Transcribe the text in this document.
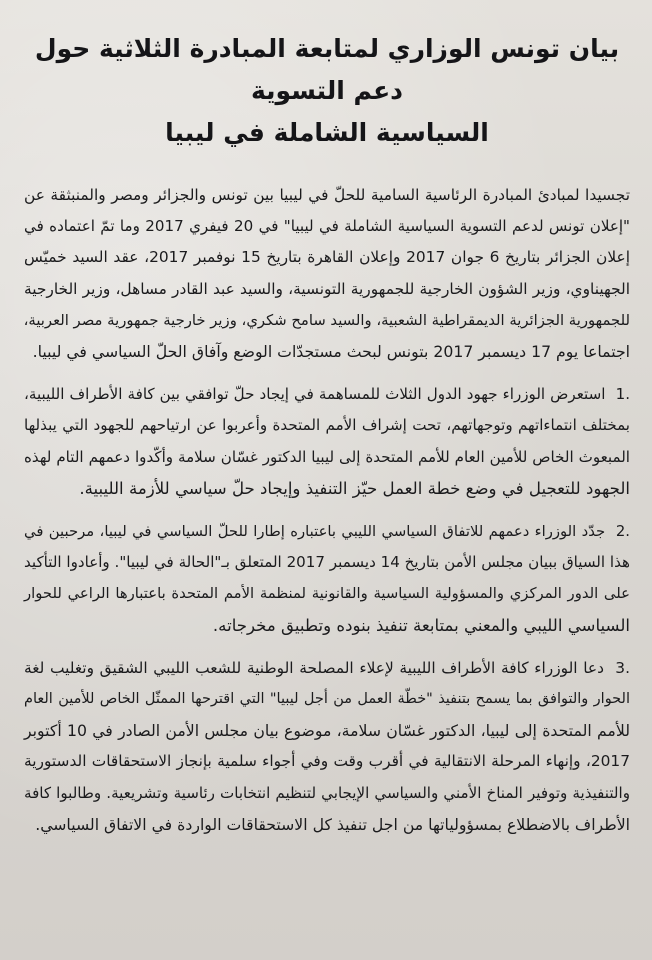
بيان تونس الوزاري لمتابعة المبادرة الثلاثية حول دعم التسوية
السياسية الشاملة في ليبيا
تجسيدا لمبادئ المبادرة الرئاسية السامية للحلّ في ليبيا بين تونس والجزائر ومصر والمنبثقة عن
"إعلان تونس لدعم التسوية السياسية الشاملة في ليبيا" في 20 فيفري 2017 وما تمّ اعتماده في
إعلان الجزائر بتاريخ 6 جوان 2017 وإعلان القاهرة بتاريخ 15 نوفمبر 2017، عقد السيد خميّس
الجهيناوي، وزير الشؤون الخارجية للجمهورية التونسية، والسيد عبد القادر مساهل، وزير الخارجية
للجمهورية الجزائرية الديمقراطية الشعبية، والسيد سامح شكري، وزير خارجية جمهورية مصر العربية،
اجتماعا يوم 17 ديسمبر 2017 بتونس لبحث مستجدّات الوضع وآفاق الحلّ السياسي في ليبيا.
.1  استعرض الوزراء جهود الدول الثلاث للمساهمة في إيجاد حلّ توافقي بين كافة الأطراف الليبية،
بمختلف انتماءاتهم وتوجهاتهم، تحت إشراف الأمم المتحدة وأعربوا عن ارتياحهم للجهود التي يبذلها
المبعوث الخاص للأمين العام للأمم المتحدة إلى ليبيا الدكتور غسّان سلامة وأكّدوا دعمهم التام لهذه
الجهود للتعجيل في وضع خطة العمل حيّز التنفيذ وإيجاد حلّ سياسي للأزمة الليبية.
.2  جدّد الوزراء دعمهم للاتفاق السياسي الليبي باعتباره إطارا للحلّ السياسي في ليبيا، مرحبين في
هذا السياق ببيان مجلس الأمن بتاريخ 14 ديسمبر 2017 المتعلق بـ"الحالة في ليبيا". وأعادوا التأكيد
على الدور المركزي والمسؤولية السياسية والقانونية لمنظمة الأمم المتحدة باعتبارها الراعي للحوار
السياسي الليبي والمعني بمتابعة تنفيذ بنوده وتطبيق مخرجاته.
.3  دعا الوزراء كافة الأطراف الليبية لإعلاء المصلحة الوطنية للشعب الليبي الشقيق وتغليب لغة
الحوار والتوافق بما يسمح بتنفيذ "خطّة العمل من أجل ليبيا" التي اقترحها الممثّل الخاص للأمين العام
للأمم المتحدة إلى ليبيا، الدكتور غسّان سلامة، موضوع بيان مجلس الأمن الصادر في 10 أكتوبر
2017، وإنهاء المرحلة الانتقالية في أقرب وقت وفي أجواء سلمية بإنجاز الاستحقاقات الدستورية
والتنفيذية وتوفير المناخ الأمني والسياسي الإيجابي لتنظيم انتخابات رئاسية وتشريعية. وطالبوا كافة
الأطراف بالاضطلاع بمسؤولياتها من اجل تنفيذ كل الاستحقاقات الواردة في الاتفاق السياسي.
